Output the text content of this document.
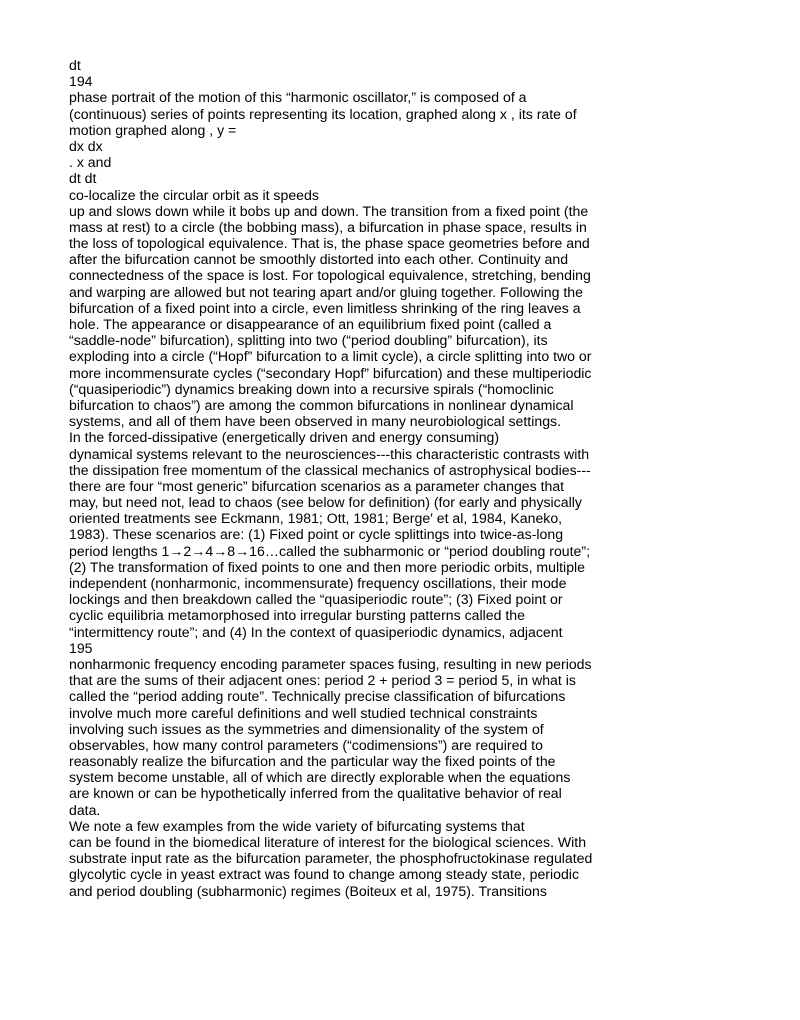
dt
194
phase portrait of the motion of this “harmonic oscillator,” is composed of a
(continuous) series of points representing its location, graphed along x , its rate of
motion graphed along , y =
dx dx
. x and
dt dt
co-localize the circular orbit as it speeds
up and slows down while it bobs up and down. The transition from a fixed point (the
mass at rest) to a circle (the bobbing mass), a bifurcation in phase space, results in
the loss of topological equivalence. That is, the phase space geometries before and
after the bifurcation cannot be smoothly distorted into each other. Continuity and
connectedness of the space is lost. For topological equivalence, stretching, bending
and warping are allowed but not tearing apart and/or gluing together. Following the
bifurcation of a fixed point into a circle, even limitless shrinking of the ring leaves a
hole. The appearance or disappearance of an equilibrium fixed point (called a
“saddle-node” bifurcation), splitting into two (“period doubling” bifurcation), its
exploding into a circle (“Hopf” bifurcation to a limit cycle), a circle splitting into two or
more incommensurate cycles (“secondary Hopf” bifurcation) and these multiperiodic
(“quasiperiodic”) dynamics breaking down into a recursive spirals (“homoclinic
bifurcation to chaos”) are among the common bifurcations in nonlinear dynamical
systems, and all of them have been observed in many neurobiological settings.
In the forced-dissipative (energetically driven and energy consuming)
dynamical systems relevant to the neurosciences---this characteristic contrasts with
the dissipation free momentum of the classical mechanics of astrophysical bodies---
there are four “most generic” bifurcation scenarios as a parameter changes that
may, but need not, lead to chaos (see below for definition) (for early and physically
oriented treatments see Eckmann, 1981; Ott, 1981; Berge′ et al, 1984, Kaneko,
1983). These scenarios are: (1) Fixed point or cycle splittings into twice-as-long
period lengths 1→2→4→8→16…called the subharmonic or “period doubling route”;
(2) The transformation of fixed points to one and then more periodic orbits, multiple
independent (nonharmonic, incommensurate) frequency oscillations, their mode
lockings and then breakdown called the “quasiperiodic route”; (3) Fixed point or
cyclic equilibria metamorphosed into irregular bursting patterns called the
“intermittency route”; and (4) In the context of quasiperiodic dynamics, adjacent
195
nonharmonic frequency encoding parameter spaces fusing, resulting in new periods
that are the sums of their adjacent ones: period 2 + period 3 = period 5, in what is
called the “period adding route”. Technically precise classification of bifurcations
involve much more careful definitions and well studied technical constraints
involving such issues as the symmetries and dimensionality of the system of
observables, how many control parameters (“codimensions”) are required to
reasonably realize the bifurcation and the particular way the fixed points of the
system become unstable, all of which are directly explorable when the equations
are known or can be hypothetically inferred from the qualitative behavior of real
data.
We note a few examples from the wide variety of bifurcating systems that
can be found in the biomedical literature of interest for the biological sciences. With
substrate input rate as the bifurcation parameter, the phosphofructokinase regulated
glycolytic cycle in yeast extract was found to change among steady state, periodic
and period doubling (subharmonic) regimes (Boiteux et al, 1975). Transitions
